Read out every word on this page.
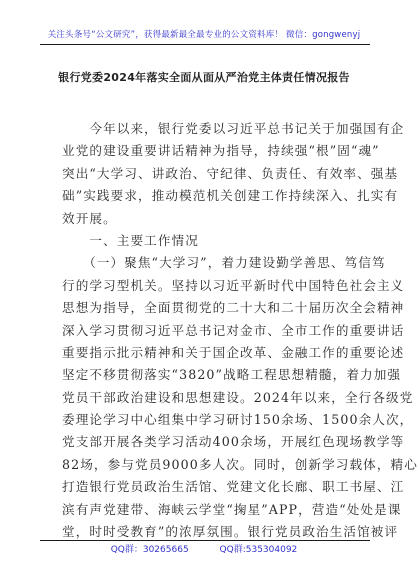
关注头条号“公文研究”，获得最新最全最专业的公文资料库！ 微信：gongwenyj
银行党委2024年落实全面从面从严治党主体责任情况报告
　　今年以来，银行党委以习近平总书记关于加强国有企
业党的建设重要讲话精神为指导，持续强“根”固“魂”
突出“大学习、讲政治、守纪律、负责任、有效率、强基
础”实践要求，推动模范机关创建工作持续深入、扎实有
效开展。
　　一、主要工作情况
　　（一）聚焦“大学习”，着力建设勤学善思、笃信笃
行的学习型机关。坚持以习近平新时代中国特色社会主义
思想为指导，全面贯彻党的二十大和二十届历次全会精神
深入学习贯彻习近平总书记对金市、全市工作的重要讲话
重要指示批示精神和关于国企改革、金融工作的重要论述
坚定不移贯彻落实“3820”战略工程思想精髓，着力加强
党员干部政治建设和思想建设。2024年以来，全行各级党
委理论学习中心组集中学习研讨150余场、1500余人次，
党支部开展各类学习活动400余场，开展红色现场教学等
82场，参与党员9000多人次。同时，创新学习载体，精心
打造银行党员政治生活馆、党建文化长廊、职工书屋、江
滨有声党建带、海峡云学堂“掬星”APP，营造“处处是课
堂，时时受教育”的浓厚氛围。银行党员政治生活馆被评
QQ群：30265665	QQ群:535304092
